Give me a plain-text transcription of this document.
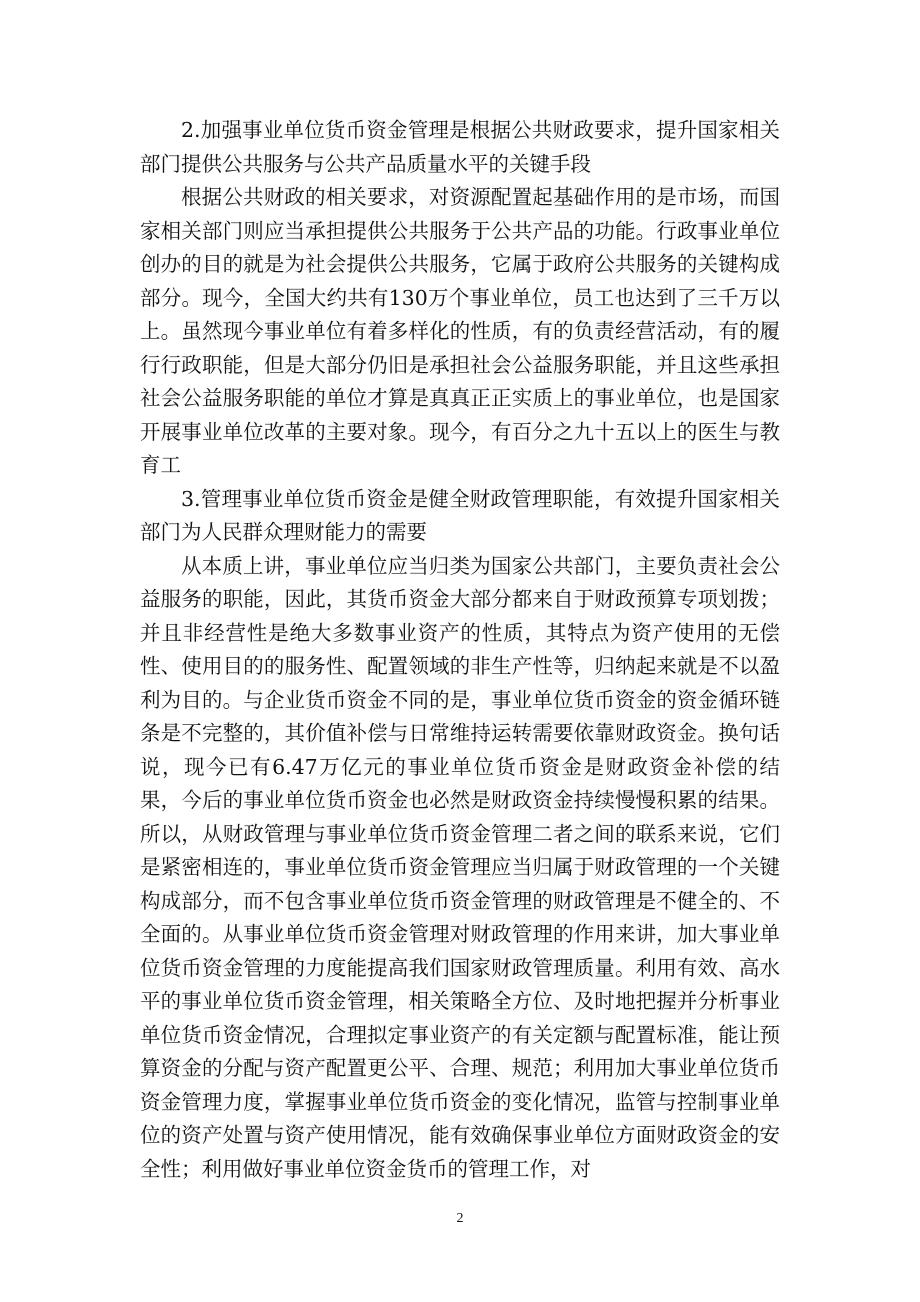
2.加强事业单位货币资金管理是根据公共财政要求，提升国家相关部门提供公共服务与公共产品质量水平的关键手段

根据公共财政的相关要求，对资源配置起基础作用的是市场，而国家相关部门则应当承担提供公共服务于公共产品的功能。行政事业单位创办的目的就是为社会提供公共服务，它属于政府公共服务的关键构成部分。现今，全国大约共有130万个事业单位，员工也达到了三千万以上。虽然现今事业单位有着多样化的性质，有的负责经营活动，有的履行行政职能，但是大部分仍旧是承担社会公益服务职能，并且这些承担社会公益服务职能的单位才算是真真正正实质上的事业单位，也是国家开展事业单位改革的主要对象。现今，有百分之九十五以上的医生与教育工

3.管理事业单位货币资金是健全财政管理职能，有效提升国家相关部门为人民群众理财能力的需要

从本质上讲，事业单位应当归类为国家公共部门，主要负责社会公益服务的职能，因此，其货币资金大部分都来自于财政预算专项划拨；并且非经营性是绝大多数事业资产的性质，其特点为资产使用的无偿性、使用目的的服务性、配置领域的非生产性等，归纳起来就是不以盈利为目的。与企业货币资金不同的是，事业单位货币资金的资金循环链条是不完整的，其价值补偿与日常维持运转需要依靠财政资金。换句话说，现今已有6.47万亿元的事业单位货币资金是财政资金补偿的结果，今后的事业单位货币资金也必然是财政资金持续慢慢积累的结果。所以，从财政管理与事业单位货币资金管理二者之间的联系来说，它们是紧密相连的，事业单位货币资金管理应当归属于财政管理的一个关键构成部分，而不包含事业单位货币资金管理的财政管理是不健全的、不全面的。从事业单位货币资金管理对财政管理的作用来讲，加大事业单位货币资金管理的力度能提高我们国家财政管理质量。利用有效、高水平的事业单位货币资金管理，相关策略全方位、及时地把握并分析事业单位货币资金情况，合理拟定事业资产的有关定额与配置标准，能让预算资金的分配与资产配置更公平、合理、规范；利用加大事业单位货币资金管理力度，掌握事业单位货币资金的变化情况，监管与控制事业单位的资产处置与资产使用情况，能有效确保事业单位方面财政资金的安全性；利用做好事业单位资金货币的管理工作，对

2
